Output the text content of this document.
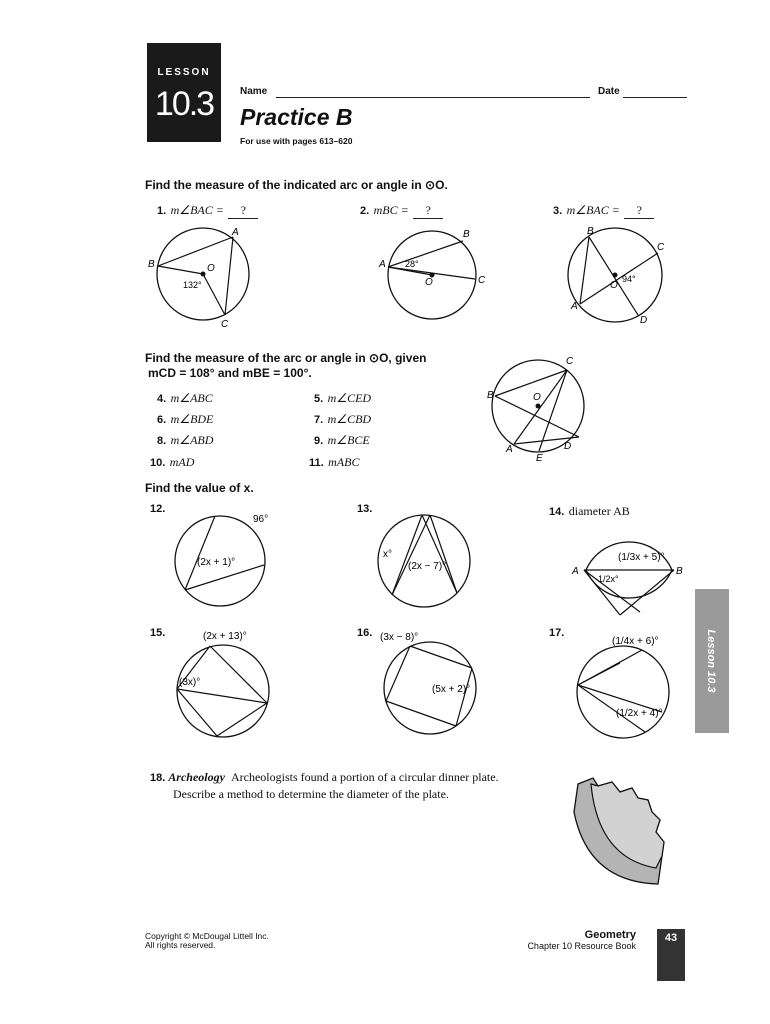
LESSON
10.3	Name	Date
Practice B
For use with pages 613–620
Find the measure of the indicated arc or angle in ⊙O.
1. m∠BAC = ?	2. mBC = ?	3. m∠BAC = ?
A
B
C
O
132°
A
B
C
O
28°
B
C
A
D
O
94°
Find the measure of the arc or angle in ⊙O, given
mCD = 108° and mBE = 100°.
4. m∠ABC	5. m∠CED
6. m∠BDE	7. m∠CBD
8. m∠ABD	9. m∠BCE
10. mAD	11. mABC
C
B
A
E
D
O
Find the value of x.
12.	13.	14. diameter AB
96°
(2x + 1)°
x°
(2x − 7)°
(1/3x + 5)°
1/2x°
A	B
15.	16.	17.
(2x + 13)°
(3x)°
(3x − 8)°
(5x + 2)°
(1/4x + 6)°
(1/2x + 4)°
Lesson 10.3
18. Archeology Archeologists found a portion of a circular dinner plate.
Describe a method to determine the diameter of the plate.
Copyright © McDougal Littell Inc.
All rights reserved.
Geometry
Chapter 10 Resource Book
43
